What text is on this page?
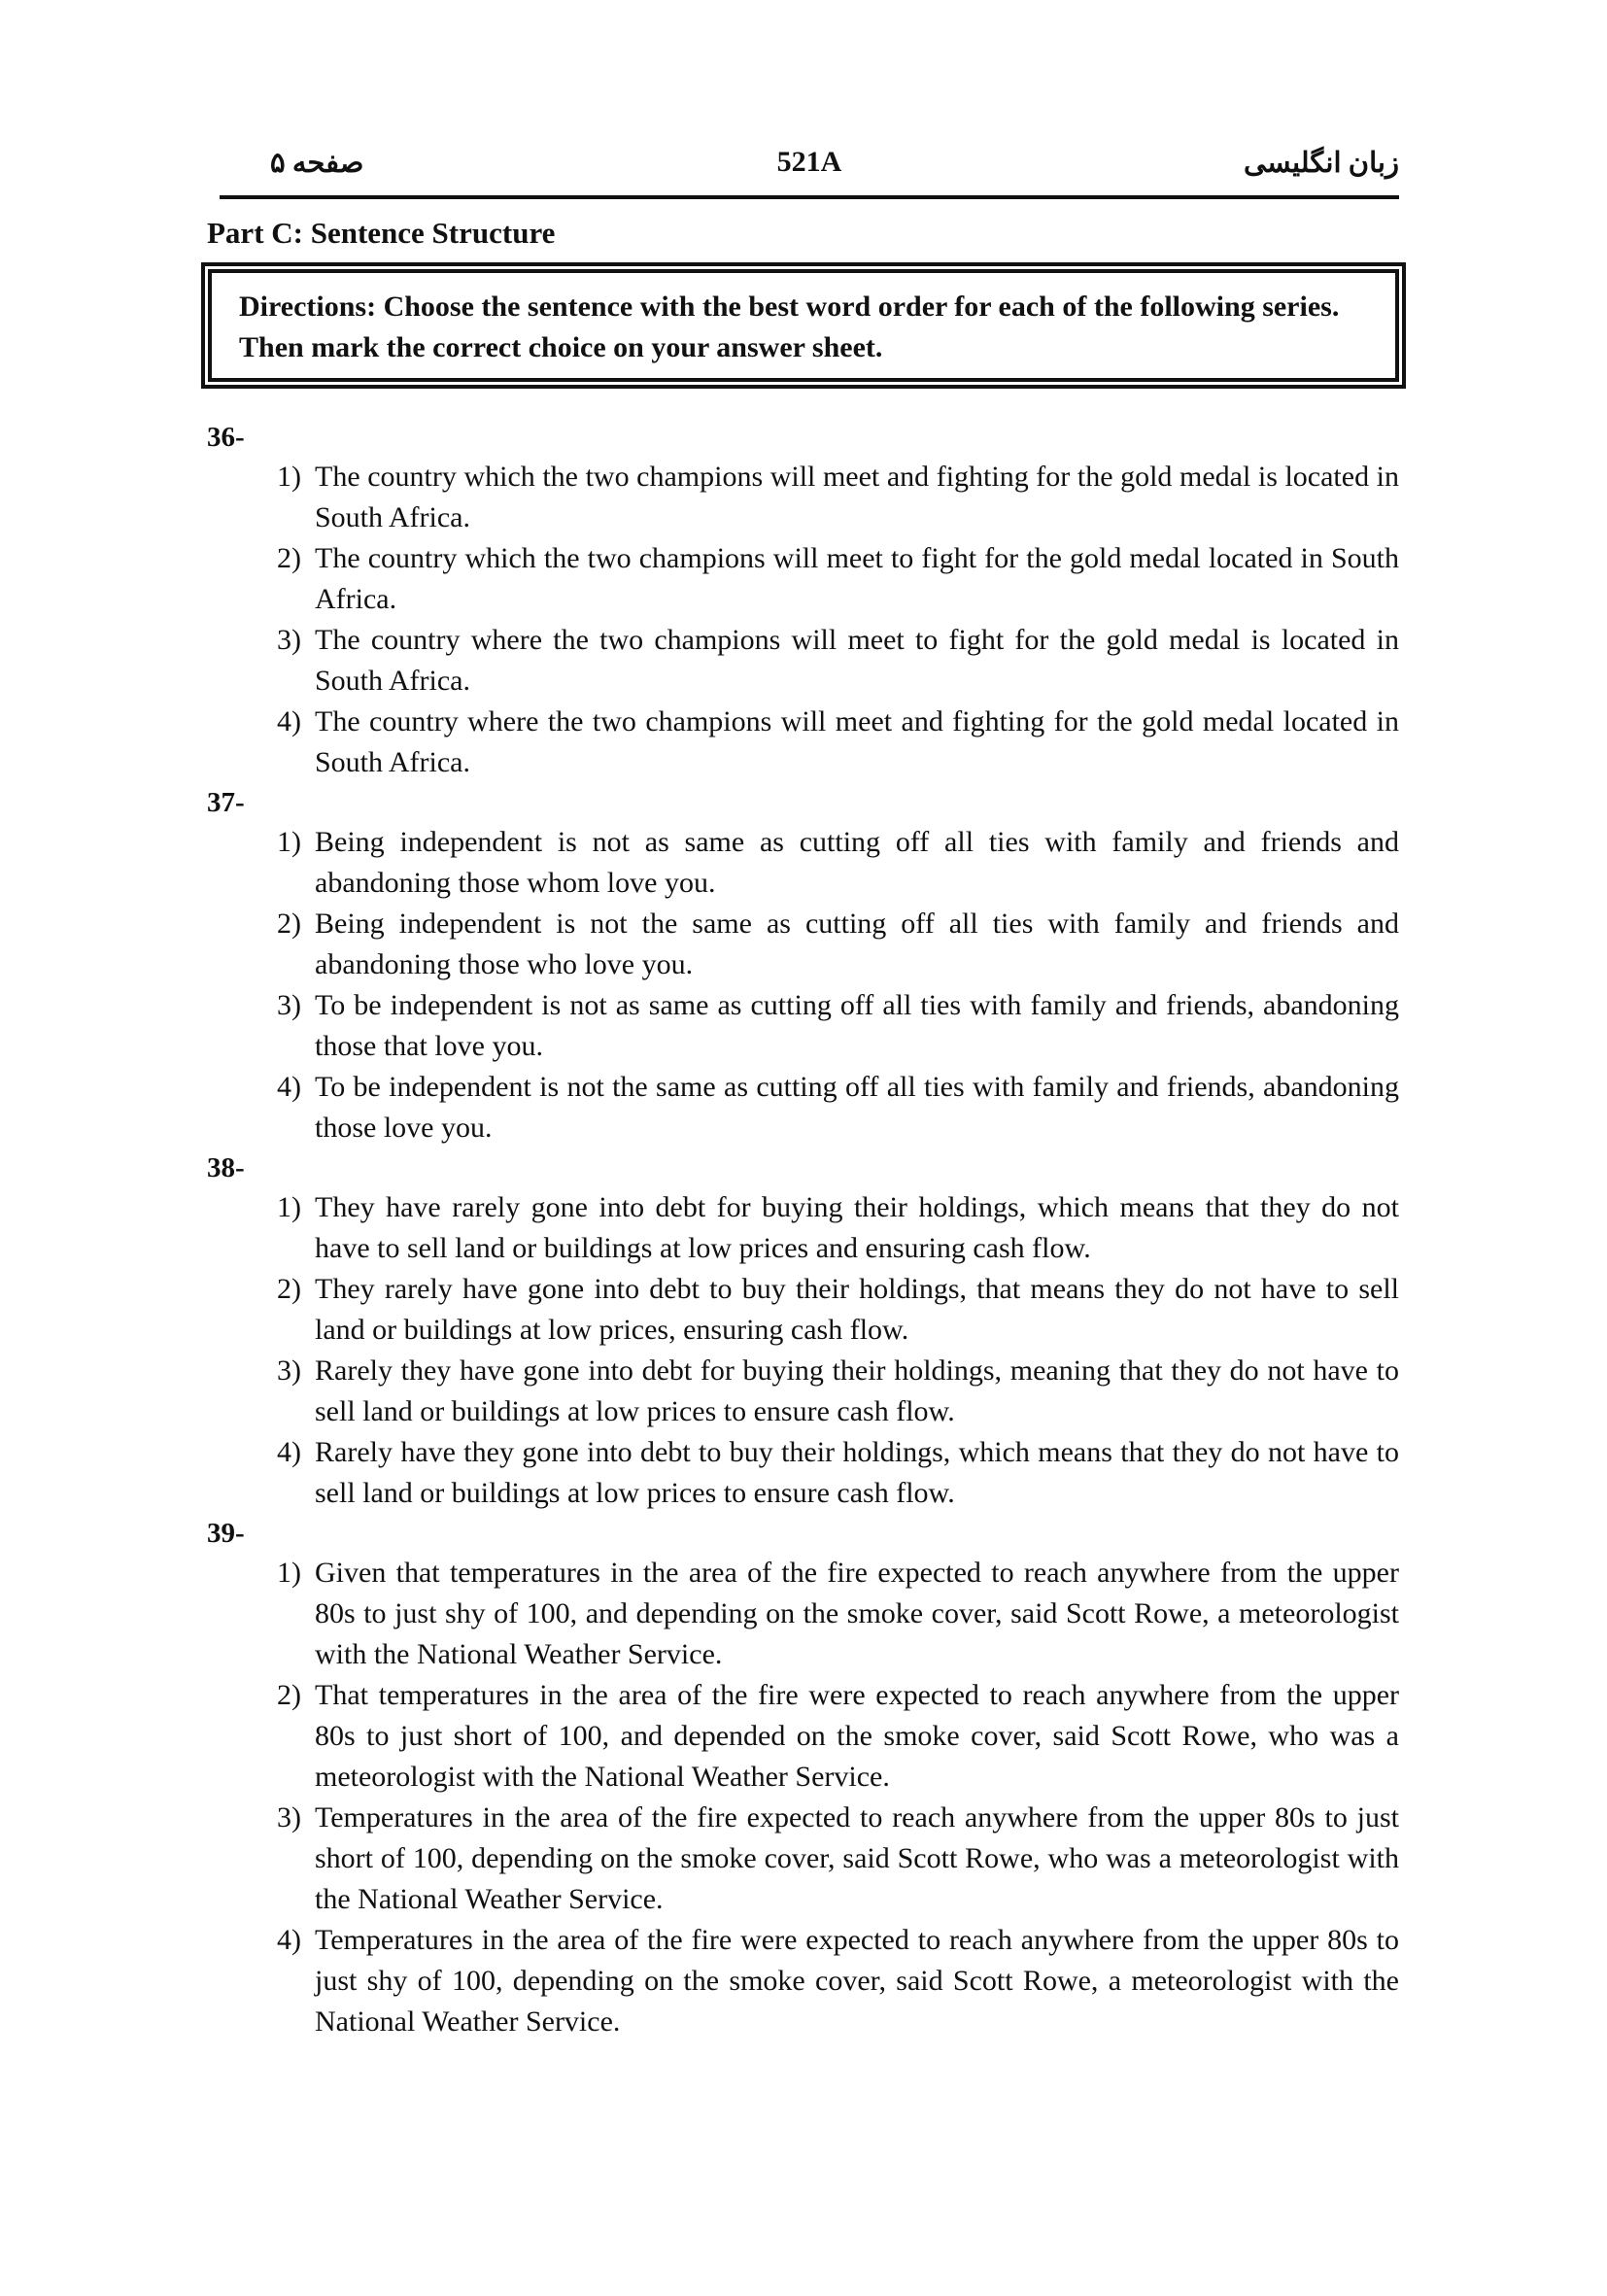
صفحه ۵	521A	زبان انگلیسی
Part C: Sentence Structure

Directions: Choose the sentence with the best word order for each of the following series. Then mark the correct choice on your answer sheet.

36-
1) The country which the two champions will meet and fighting for the gold medal is located in South Africa.
2) The country which the two champions will meet to fight for the gold medal located in South Africa.
3) The country where the two champions will meet to fight for the gold medal is located in South Africa.
4) The country where the two champions will meet and fighting for the gold medal located in South Africa.
37-
1) Being independent is not as same as cutting off all ties with family and friends and abandoning those whom love you.
2) Being independent is not the same as cutting off all ties with family and friends and abandoning those who love you.
3) To be independent is not as same as cutting off all ties with family and friends, abandoning those that love you.
4) To be independent is not the same as cutting off all ties with family and friends, abandoning those love you.
38-
1) They have rarely gone into debt for buying their holdings, which means that they do not have to sell land or buildings at low prices and ensuring cash flow.
2) They rarely have gone into debt to buy their holdings, that means they do not have to sell land or buildings at low prices, ensuring cash flow.
3) Rarely they have gone into debt for buying their holdings, meaning that they do not have to sell land or buildings at low prices to ensure cash flow.
4) Rarely have they gone into debt to buy their holdings, which means that they do not have to sell land or buildings at low prices to ensure cash flow.
39-
1) Given that temperatures in the area of the fire expected to reach anywhere from the upper 80s to just shy of 100, and depending on the smoke cover, said Scott Rowe, a meteorologist with the National Weather Service.
2) That temperatures in the area of the fire were expected to reach anywhere from the upper 80s to just short of 100, and depended on the smoke cover, said Scott Rowe, who was a meteorologist with the National Weather Service.
3) Temperatures in the area of the fire expected to reach anywhere from the upper 80s to just short of 100, depending on the smoke cover, said Scott Rowe, who was a meteorologist with the National Weather Service.
4) Temperatures in the area of the fire were expected to reach anywhere from the upper 80s to just shy of 100, depending on the smoke cover, said Scott Rowe, a meteorologist with the National Weather Service.
